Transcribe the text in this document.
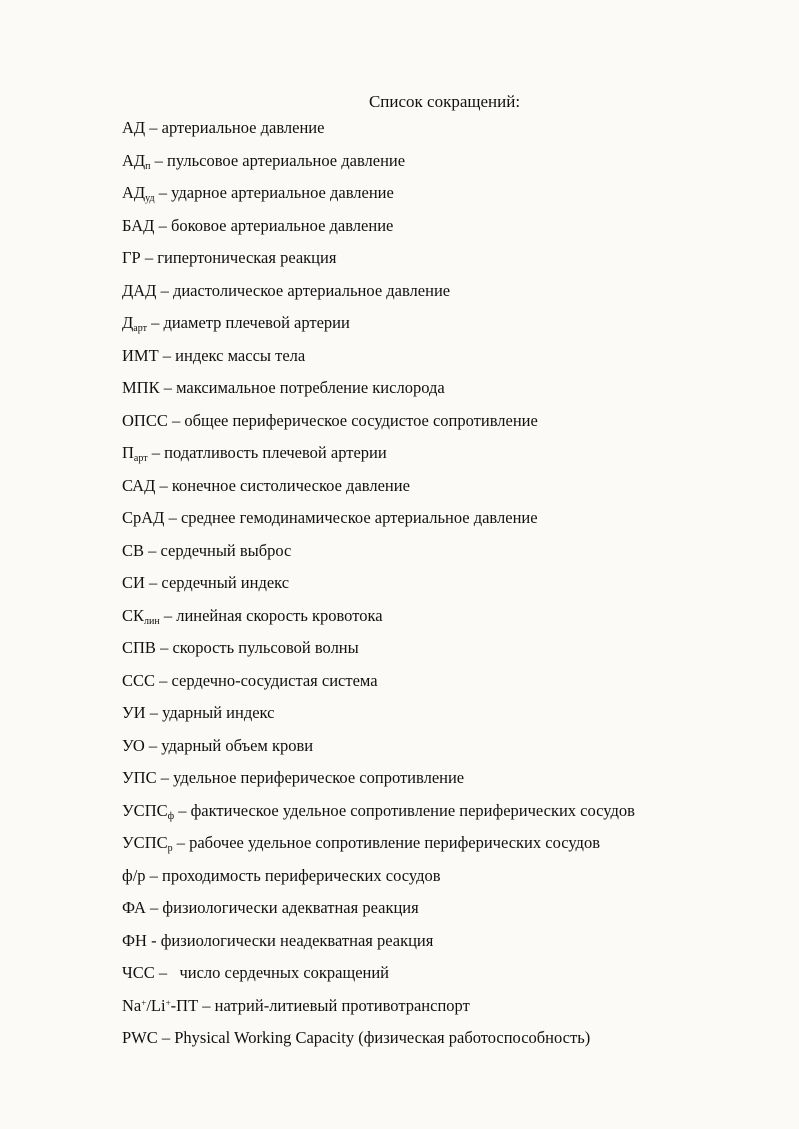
Список сокращений:
АД – артериальное давление
$АД_п$ – пульсовое артериальное давление
$АД_{уд}$ – ударное артериальное давление
БАД – боковое артериальное давление
ГР – гипертоническая реакция
ДАД – диастолическое артериальное давление
$Д_{арт}$ – диаметр плечевой артерии
ИМТ – индекс массы тела
МПК – максимальное потребление кислорода
ОПСС – общее периферическое сосудистое сопротивление
$П_{арт}$ – податливость плечевой артерии
САД – конечное систолическое давление
СрАД – среднее гемодинамическое артериальное давление
СВ – сердечный выброс
СИ – сердечный индекс
$СК_{лин}$ – линейная скорость кровотока
СПВ – скорость пульсовой волны
ССС – сердечно-сосудистая система
УИ – ударный индекс
УО – ударный объем крови
УПС – удельное периферическое сопротивление
$УСПС_ф$ – фактическое удельное сопротивление периферических сосудов
$УСПС_р$ – рабочее удельное сопротивление периферических сосудов
ф/р – проходимость периферических сосудов
ФА – физиологически адекватная реакция
ФН - физиологически неадекватная реакция
ЧСС –   число сердечных сокращений
Na+/Li+-ПТ – натрий-литиевый противотранспорт
PWC – Physical Working Capacity (физическая работоспособность)
